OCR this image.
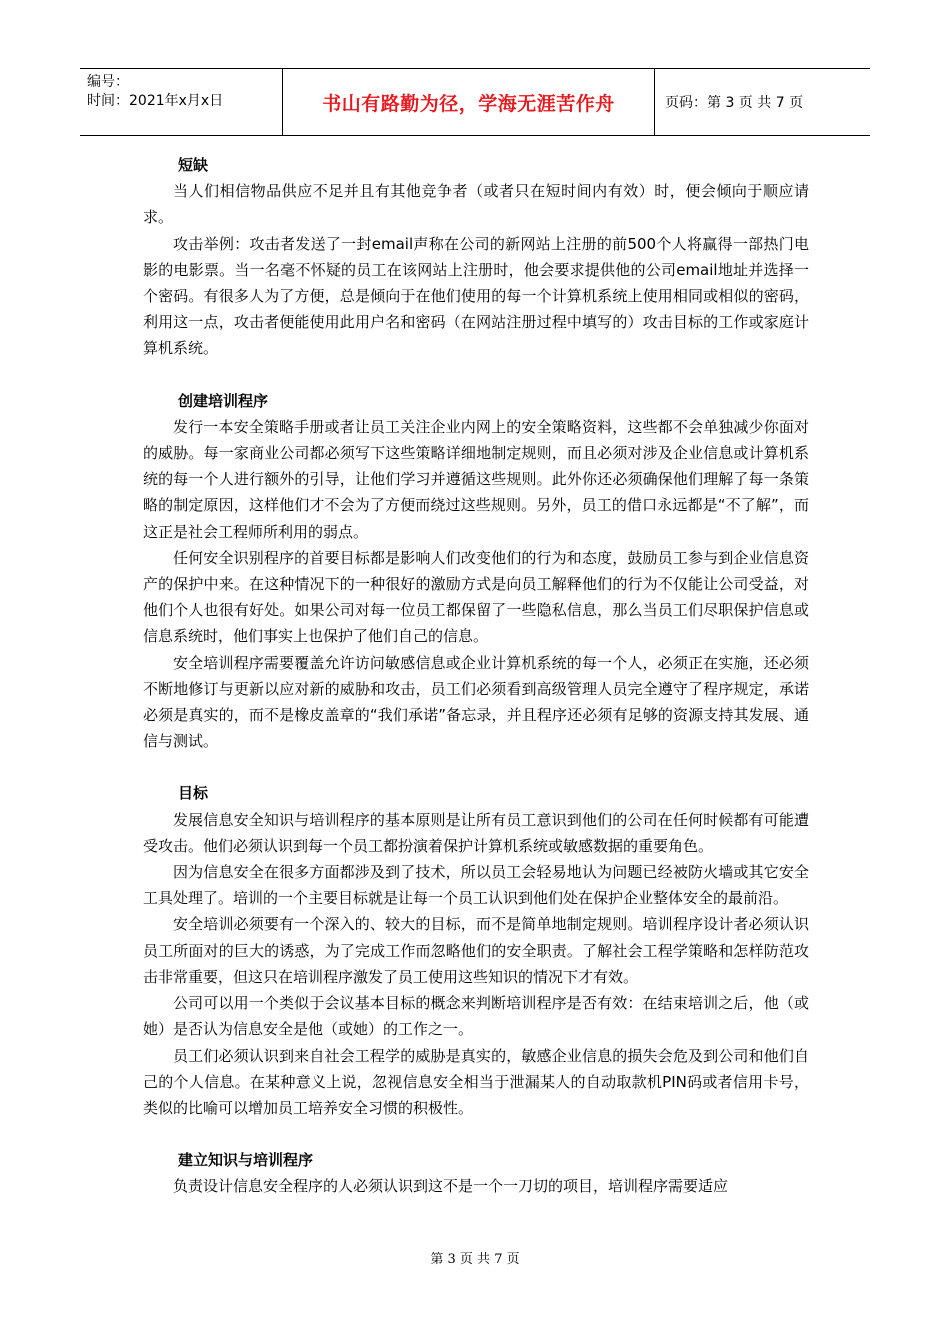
编号：
时间：2021年x月x日	书山有路勤为径，学海无涯苦作舟	页码：第 3 页 共 7 页
短缺

当人们相信物品供应不足并且有其他竞争者（或者只在短时间内有效）时，便会倾向于顺应请求。

攻击举例：攻击者发送了一封email声称在公司的新网站上注册的前500个人将赢得一部热门电影的电影票。当一名毫不怀疑的员工在该网站上注册时，他会要求提供他的公司email地址并选择一个密码。有很多人为了方便，总是倾向于在他们使用的每一个计算机系统上使用相同或相似的密码，利用这一点，攻击者便能使用此用户名和密码（在网站注册过程中填写的）攻击目标的工作或家庭计算机系统。

创建培训程序

发行一本安全策略手册或者让员工关注企业内网上的安全策略资料，这些都不会单独减少你面对的威胁。每一家商业公司都必须写下这些策略详细地制定规则，而且必须对涉及企业信息或计算机系统的每一个人进行额外的引导，让他们学习并遵循这些规则。此外你还必须确保他们理解了每一条策略的制定原因，这样他们才不会为了方便而绕过这些规则。另外，员工的借口永远都是“不了解”，而这正是社会工程师所利用的弱点。

任何安全识别程序的首要目标都是影响人们改变他们的行为和态度，鼓励员工参与到企业信息资产的保护中来。在这种情况下的一种很好的激励方式是向员工解释他们的行为不仅能让公司受益，对他们个人也很有好处。如果公司对每一位员工都保留了一些隐私信息，那么当员工们尽职保护信息或信息系统时，他们事实上也保护了他们自己的信息。

安全培训程序需要覆盖允许访问敏感信息或企业计算机系统的每一个人，必须正在实施，还必须不断地修订与更新以应对新的威胁和攻击，员工们必须看到高级管理人员完全遵守了程序规定，承诺必须是真实的，而不是橡皮盖章的“我们承诺”备忘录，并且程序还必须有足够的资源支持其发展、通信与测试。

目标

发展信息安全知识与培训程序的基本原则是让所有员工意识到他们的公司在任何时候都有可能遭受攻击。他们必须认识到每一个员工都扮演着保护计算机系统或敏感数据的重要角色。

因为信息安全在很多方面都涉及到了技术，所以员工会轻易地认为问题已经被防火墙或其它安全工具处理了。培训的一个主要目标就是让每一个员工认识到他们处在保护企业整体安全的最前沿。

安全培训必须要有一个深入的、较大的目标，而不是简单地制定规则。培训程序设计者必须认识员工所面对的巨大的诱惑，为了完成工作而忽略他们的安全职责。了解社会工程学策略和怎样防范攻击非常重要，但这只在培训程序激发了员工使用这些知识的情况下才有效。

公司可以用一个类似于会议基本目标的概念来判断培训程序是否有效：在结束培训之后，他（或她）是否认为信息安全是他（或她）的工作之一。

员工们必须认识到来自社会工程学的威胁是真实的，敏感企业信息的损失会危及到公司和他们自己的个人信息。在某种意义上说，忽视信息安全相当于泄漏某人的自动取款机PIN码或者信用卡号，类似的比喻可以增加员工培养安全习惯的积极性。

建立知识与培训程序

负责设计信息安全程序的人必须认识到这不是一个一刀切的项目，培训程序需要适应

第 3 页 共 7 页
